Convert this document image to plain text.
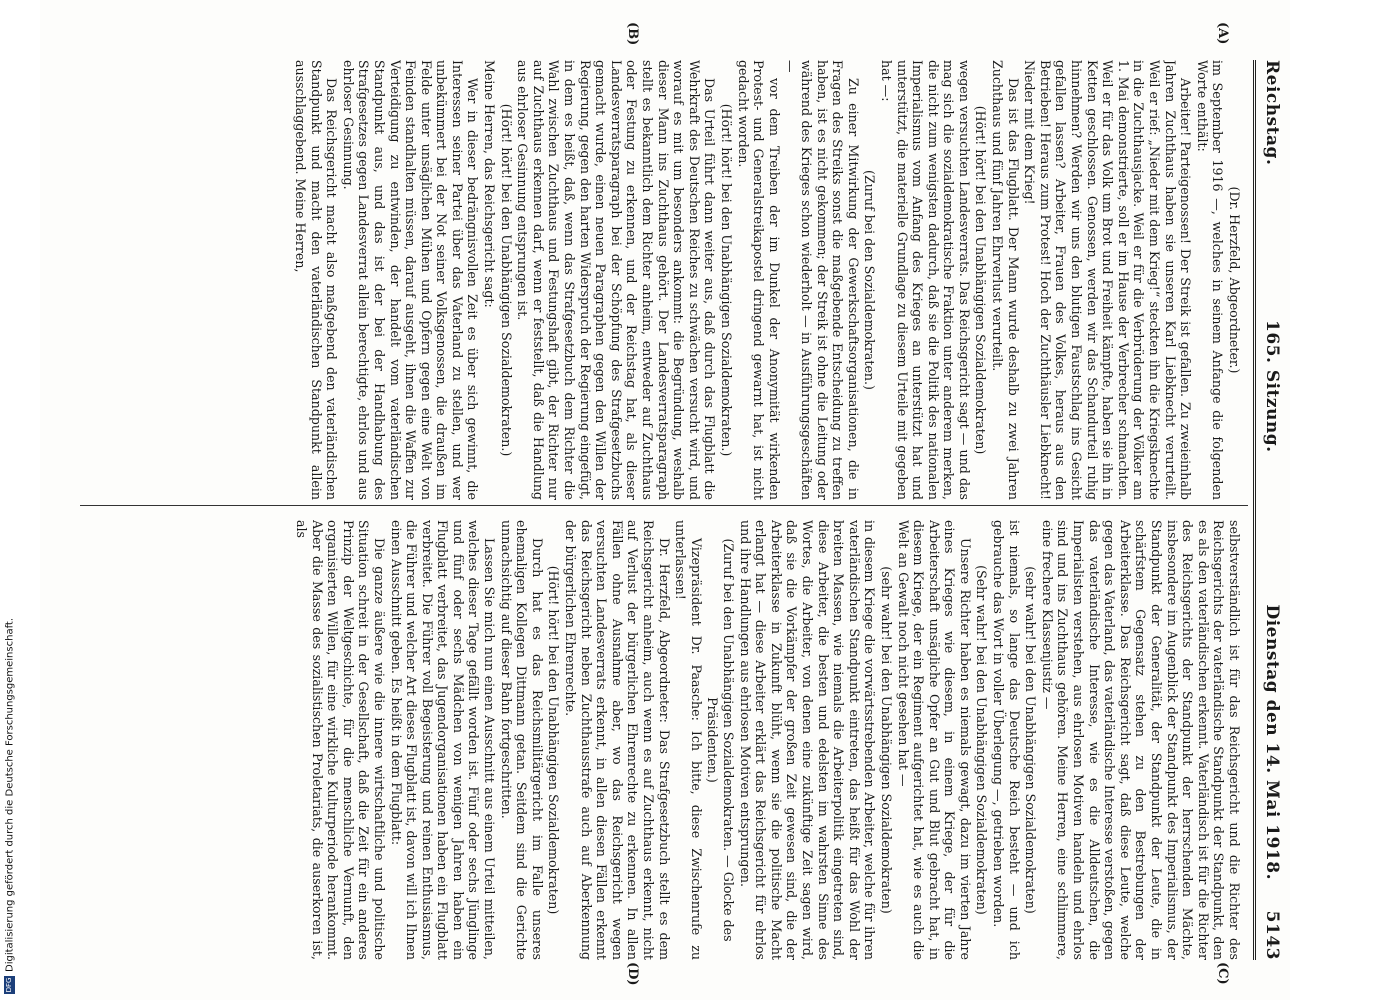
Reichstag.
165. Sitzung.
Dienstag den 14. Mai 1918.
5143
(A)
(B)
(C)
(D)

(Dr. Herzfeld, Abgeordneter.)

im September 1916 —, welches in seinem Anfange die folgenden Worte enthält:

Arbeiter! Parteigenossen! Der Streik ist gefallen. Zu zweieinhalb Jahren Zuchthaus haben sie unseren Karl Liebknecht verurteilt. Weil er rief: „Nieder mit dem Krieg!“ steckten ihn die Kriegsknechte in die Zuchthausjacke. Weil er für die Verbrüderung der Völker am 1. Mai demonstrierte, soll er im Hause der Verbrecher schmachten. Weil er für das Volk um Brot und Freiheit kämpfte, haben sie ihn in Ketten geschlossen. Genossen, werden wir das Schandurteil ruhig hinnehmen? Werden wir uns den blutigen Faustschlag ins Gesicht gefallen lassen? Arbeiter, Frauen des Volkes, heraus aus den Betrieben! Heraus zum Protest! Hoch der Zuchthäusler Liebknecht! Nieder mit dem Krieg!

Das ist das Flugblatt. Der Mann wurde deshalb zu zwei Jahren Zuchthaus und fünf Jahren Ehrverlust verurteilt.

(Hört! hört! bei den Unabhängigen Sozialdemokraten)

wegen versuchten Landesverrats. Das Reichsgericht sagt — und das mag sich die sozialdemokratische Fraktion unter anderem merken, die nicht zum wenigsten dadurch, daß sie die Politik des nationalen Imperialismus vom Anfang des Krieges an unterstützt hat und unterstützt, die materielle Grundlage zu diesem Urteile mit gegeben hat —:

(Zuruf bei den Sozialdemokraten.)

Zu einer Mitwirkung der Gewerkschaftsorganisationen, die in Fragen des Streiks sonst die maßgebende Entscheidung zu treffen haben, ist es nicht gekommen; der Streik ist ohne die Leitung oder während des Krieges schon wiederholt — in Ausführungsgeschäften —

vor dem Treiben der im Dunkel der Anonymität wirkenden Protest- und Generalstreikapostel dringend gewarnt hat, ist nicht gedacht worden.

(Hört! hört! bei den Unabhängigen Sozialdemokraten.)

Das Urteil führt dann weiter aus, daß durch das Flugblatt die Wehrkraft des Deutschen Reiches zu schwächen versucht wird, und worauf es mit um besonders ankommt: die Begründung, weshalb dieser Mann ins Zuchthaus gehört. Der Landesverratsparagraph stellt es bekanntlich dem Richter anheim, entweder auf Zuchthaus oder Festung zu erkennen, und der Reichstag hat, als dieser Landesverratsparagraph bei der Schöpfung des Strafgesetzbuchs gemacht wurde, einen neuen Paragraphen gegen den Willen der Regierung, gegen den harten Widerspruch der Regierung eingefügt, in dem es heißt, daß, wenn das Strafgesetzbuch dem Richter die Wahl zwischen Zuchthaus und Festungshaft gibt, der Richter nur auf Zuchthaus erkennen darf, wenn er feststellt, daß die Handlung aus ehrloser Gesinnung entsprungen ist.

(Hört! hört! bei den Unabhängigen Sozialdemokraten.)

Meine Herren, das Reichsgericht sagt:

Wer in dieser bedrängnisvollen Zeit es über sich gewinnt, die Interessen seiner Partei über das Vaterland zu stellen, und wer unbekümmert bei der Not seiner Volksgenossen, die draußen im Felde unter unsäglichen Mühen und Opfern gegen eine Welt von Feinden standhalten müssen, darauf ausgeht, ihnen die Waffen zur Verteidigung zu entwinden, der handelt vom vaterländischen Standpunkt aus, und das ist der bei der Handhabung des Strafgesetzes gegen Landesverrat allein berechtigte, ehrlos und aus ehrloser Gesinnung.

Das Reichsgericht macht also maßgebend den vaterländischen Standpunkt und macht den vaterländischen Standpunkt allein ausschlaggebend. Meine Herren,

selbstverständlich ist für das Reichsgericht und die Richter des Reichsgerichts der vaterländische Standpunkt der Standpunkt, den es als den vaterländischen erkennt. Vaterländisch ist für die Richter des Reichsgerichts der Standpunkt der herrschenden Mächte, insbesondere im Augenblick der Standpunkt des Imperialismus, der Standpunkt der Generalität, der Standpunkt der Leute, die in schärfstem Gegensatz stehen zu den Bestrebungen der Arbeiterklasse. Das Reichsgericht sagt, daß diese Leute, welche gegen das Vaterland, das vaterländische Interesse verstoßen, gegen das vaterländische Interesse, wie es die Alldeutschen, die Imperialisten verstehen, aus ehrlosen Motiven handeln und ehrlos sind und ins Zuchthaus gehören. Meine Herren, eine schlimmere, eine frechere Klassenjustiz —

(sehr wahr! bei den Unabhängigen Sozialdemokraten)

ist niemals, so lange das Deutsche Reich besteht — und ich gebrauche das Wort in voller Überlegung —, getrieben worden.

(Sehr wahr! bei den Unabhängigen Sozialdemokraten)

Unsere Richter haben es niemals gewagt, dazu im vierten Jahre eines Krieges wie diesem, in einem Kriege, der für die Arbeiterschaft unsägliche Opfer an Gut und Blut gebracht hat, in diesem Kriege, der ein Regiment aufgerichtet hat, wie es auch die Welt an Gewalt noch nicht gesehen hat —

(sehr wahr! bei den Unabhängigen Sozialdemokraten)

in diesem Kriege die vorwärtsstrebenden Arbeiter, welche für ihren vaterländischen Standpunkt eintreten, das heißt für das Wohl der breiten Massen, wie niemals die Arbeiterpolitik eingetreten sind, diese Arbeiter, die besten und edelsten im wahrsten Sinne des Wortes, die Arbeiter, von denen eine zukünftige Zeit sagen wird, daß sie die Vorkämpfer der großen Zeit gewesen sind, die der Arbeiterklasse in Zukunft blüht, wenn sie die politische Macht erlangt hat — diese Arbeiter erklärt das Reichsgericht für ehrlos und ihre Handlungen aus ehrlosen Motiven entsprungen.

(Zuruf bei den Unabhängigen Sozialdemokraten. — Glocke des Präsidenten.)

Vizepräsident Dr. Paasche: Ich bitte, diese Zwischenrufe zu unterlassen!

Dr. Herzfeld, Abgeordneter: Das Strafgesetzbuch stellt es dem Reichsgericht anheim, auch wenn es auf Zuchthaus erkennt, nicht auf Verlust der bürgerlichen Ehrenrechte zu erkennen. In allen Fällen ohne Ausnahme aber, wo das Reichsgericht wegen versuchten Landesverrats erkennt, in allen diesen Fällen erkennt das Reichsgericht neben Zuchthausstrafe auch auf Aberkennung der bürgerlichen Ehrenrechte.

(Hört! hört! bei den Unabhängigen Sozialdemokraten)

Durch hat es das Reichsmilitärgericht im Falle unseres ehemaligen Kollegen Dittmann getan. Seitdem sind die Gerichte unnachsichtig auf dieser Bahn fortgeschritten.

Lassen Sie mich nun einen Ausschnitt aus einem Urteil mitteilen, welches dieser Tage gefällt worden ist. Fünf oder sechs Jünglinge und fünf oder sechs Mädchen von wenigen Jahren haben ein Flugblatt verbreitet, das Jugendorganisationen haben ein Flugblatt verbreitet. Die Führer voll Begeisterung und reinen Enthusiasmus, die Führer und welcher Art dieses Flugblatt ist, davon will ich Ihnen einen Ausschnitt geben. Es heißt in dem Flugblatt:

Die ganze äußere wie die innere wirtschaftliche und politische Situation schreit in der Gesellschaft, daß die Zeit für ein anderes Prinzip der Weltgeschichte, für die menschliche Vernunft, den organisierten Willen, für eine wirkliche Kulturperiode herankommt. Aber die Masse des sozialistischen Proletariats, die auserkoren ist, als

DFGDigitalisierung gefördert durch die Deutsche Forschungsgemeinschaft.
